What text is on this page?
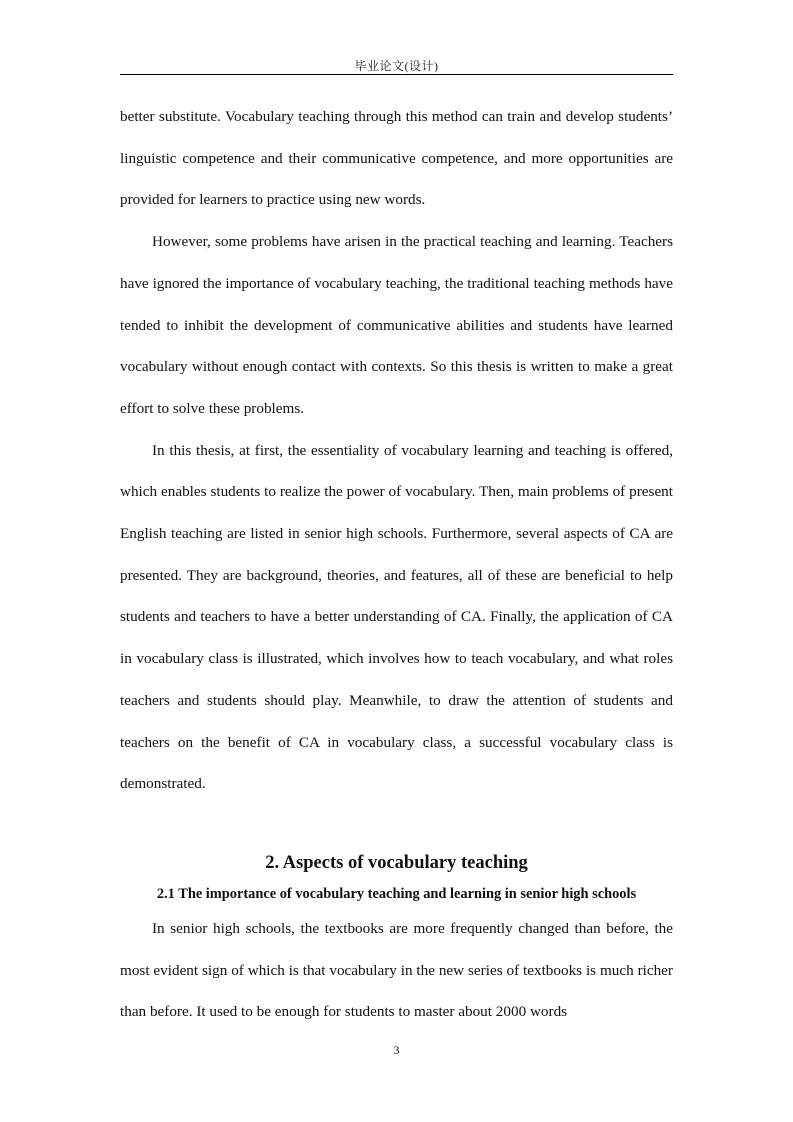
毕业论文(设计)

better substitute. Vocabulary teaching through this method can train and develop students’ linguistic competence and their communicative competence, and more opportunities are provided for learners to practice using new words.

However, some problems have arisen in the practical teaching and learning. Teachers have ignored the importance of vocabulary teaching, the traditional teaching methods have tended to inhibit the development of communicative abilities and students have learned vocabulary without enough contact with contexts. So this thesis is written to make a great effort to solve these problems.

In this thesis, at first, the essentiality of vocabulary learning and teaching is offered, which enables students to realize the power of vocabulary. Then, main problems of present English teaching are listed in senior high schools. Furthermore, several aspects of CA are presented. They are background, theories, and features, all of these are beneficial to help students and teachers to have a better understanding of CA. Finally, the application of CA in vocabulary class is illustrated, which involves how to teach vocabulary, and what roles teachers and students should play. Meanwhile, to draw the attention of students and teachers on the benefit of CA in vocabulary class, a successful vocabulary class is demonstrated.

2. Aspects of vocabulary teaching
2.1 The importance of vocabulary teaching and learning in senior high schools

In senior high schools, the textbooks are more frequently changed than before, the most evident sign of which is that vocabulary in the new series of textbooks is much richer than before. It used to be enough for students to master about 2000 words

3
